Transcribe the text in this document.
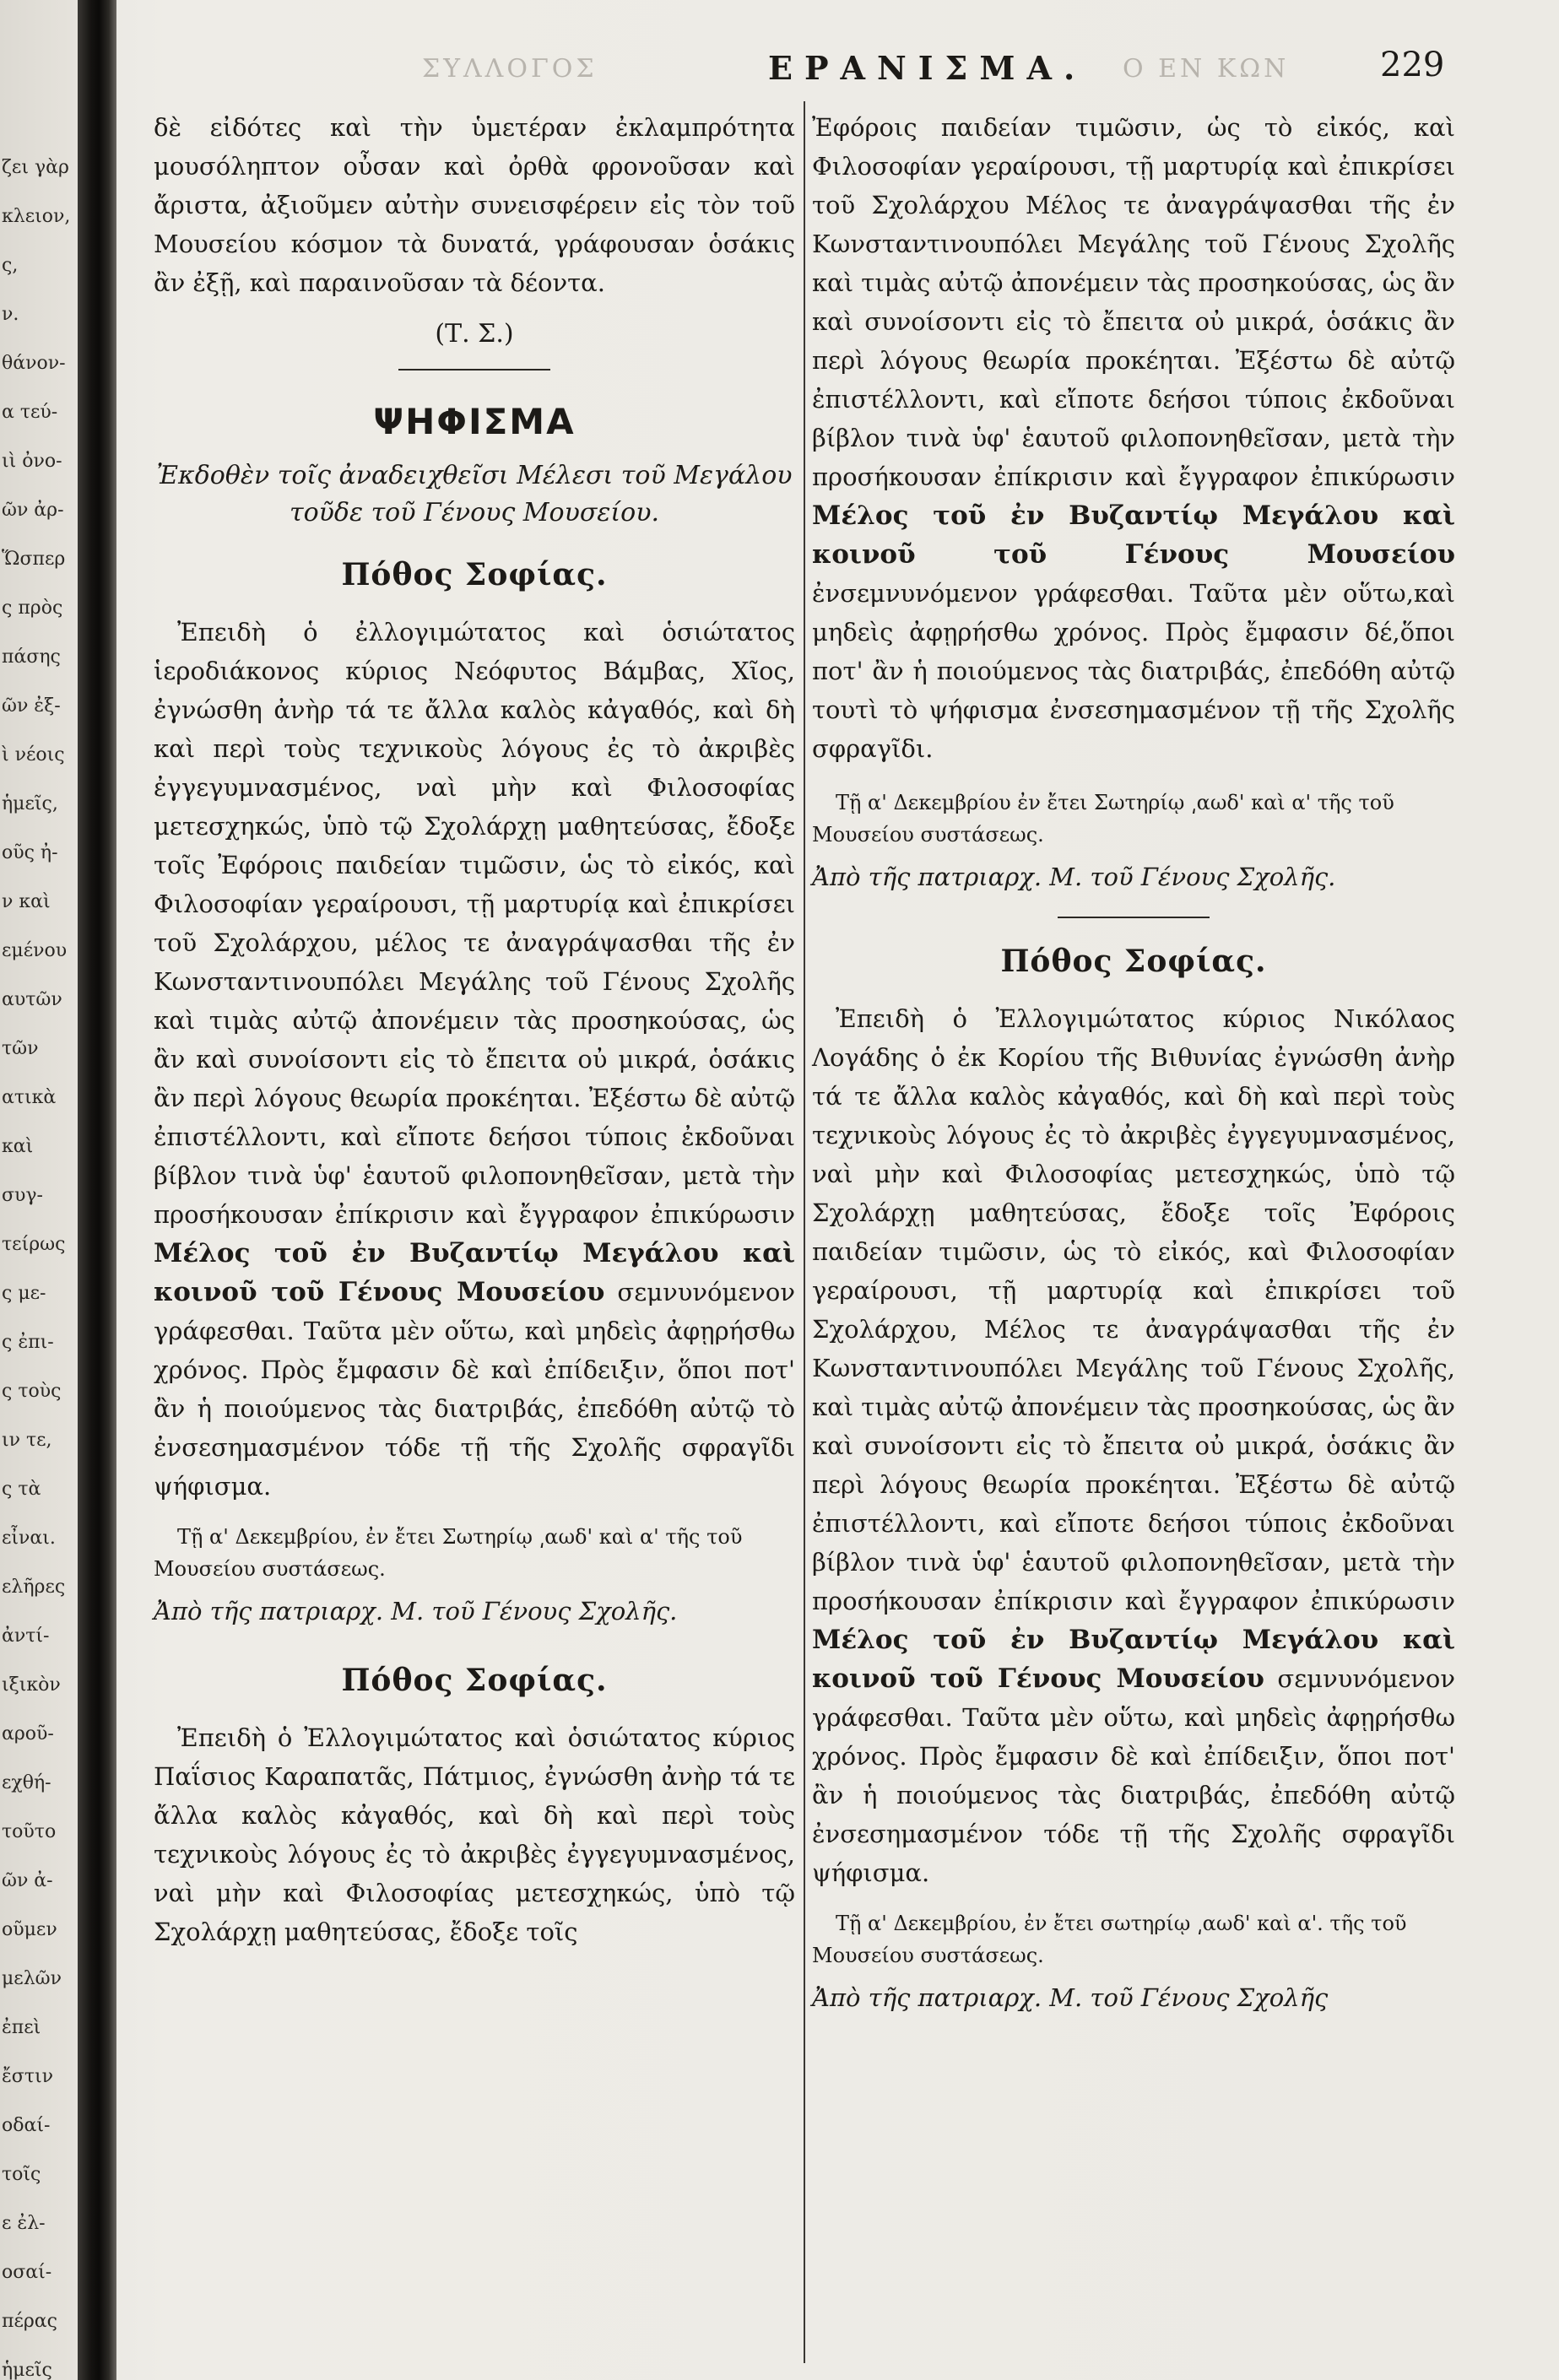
ζει γὰρ
κλειον,
ς,
ν.
θάνον-
α τεύ-
ιὶ ὀνο-
ῶν ἀρ-
Ὥσπερ
ς πρὸς
πάσης
ῶν ἐξ-
ὶ νέοις
ἡμεῖς,
οῦς ἠ-
ν καὶ
εμένου
αυτῶν
τῶν
ατικὰ
καὶ
συγ-
τείρως
ς με-
ς ἐπι-
ς τοὺς
ιν τε,
ς τὰ
εἶναι.
ελῆρες
ἀντί-
ιξικὸν
αροῦ-
εχθή-
τοῦτο
ῶν ἀ-
οῦμεν
μελῶν
ἐπεὶ
ἔστιν
οδαί-
τοῖς
ε ἐλ-
οσαί-
πέρας
ἡμεῖς
ΣΥΛΛΟΓΟΣ	ΕΡΑΝΙΣΜΑ. Ο ΕΝ ΚΩΝ	229

δὲ εἰδότες καὶ τὴν ὑμετέραν ἐκλαμπρότητα μουσόληπτον οὖσαν καὶ ὀρθὰ φρονοῦσαν καὶ ἄριστα, ἀξιοῦμεν αὐτὴν συνεισφέρειν εἰς τὸν τοῦ Μουσείου κόσμον τὰ δυνατά, γράφουσαν ὁσάκις ἂν ἐξῇ, καὶ παραινοῦσαν τὰ δέοντα.

(Τ. Σ.)
ΨΗΦΙΣΜΑ
Ἐκδοθὲν τοῖς ἀναδειχθεῖσι Μέλεσι τοῦ Μεγάλου τοῦδε τοῦ Γένους Μουσείου.
Πόθος Σοφίας.

Ἐπειδὴ ὁ ἐλλογιμώτατος καὶ ὁσιώτατος ἱεροδιάκονος κύριος Νεόφυτος Βάμβας, Χῖος, ἐγνώσθη ἀνὴρ τά τε ἄλλα καλὸς κἀγαθός, καὶ δὴ καὶ περὶ τοὺς τεχνικοὺς λόγους ἐς τὸ ἀκριβὲς ἐγγεγυμνασμένος, ναὶ μὴν καὶ Φιλοσοφίας μετεσχηκώς, ὑπὸ τῷ Σχολάρχῃ μαθητεύσας, ἔδοξε τοῖς Ἐφόροις παιδείαν τιμῶσιν, ὡς τὸ εἰκός, καὶ Φιλοσοφίαν γεραίρουσι, τῇ μαρτυρίᾳ καὶ ἐπικρίσει τοῦ Σχολάρχου, μέλος τε ἀναγράψασθαι τῆς ἐν Κωνσταντινουπόλει Μεγάλης τοῦ Γένους Σχολῆς καὶ τιμὰς αὐτῷ ἀπονέμειν τὰς προσηκούσας, ὡς ἂν καὶ συνοίσοντι εἰς τὸ ἔπειτα οὐ μικρά, ὁσάκις ἂν περὶ λόγους θεωρία προκέηται. Ἐξέστω δὲ αὐτῷ ἐπιστέλλοντι, καὶ εἴποτε δεήσοι τύποις ἐκδοῦναι βίβλον τινὰ ὑφ' ἑαυτοῦ φιλοπονηθεῖσαν, μετὰ τὴν προσήκουσαν ἐπίκρισιν καὶ ἔγγραφον ἐπικύρωσιν Μέλος τοῦ ἐν Βυζαντίῳ Μεγάλου καὶ κοινοῦ τοῦ Γένους Μουσείου σεμνυνόμενον γράφεσθαι. Ταῦτα μὲν οὕτω, καὶ μηδεὶς ἀφῃρήσθω χρόνος. Πρὸς ἔμφασιν δὲ καὶ ἐπίδειξιν, ὅποι ποτ' ἂν ἡ ποιούμενος τὰς διατριβάς, ἐπεδόθη αὐτῷ τὸ ἐνσεσημασμένον τόδε τῇ τῆς Σχολῆς σφραγῖδι ψήφισμα.

Τῇ α' Δεκεμβρίου, ἐν ἔτει Σωτηρίῳ ͵αωδ' καὶ α' τῆς τοῦ Μουσείου συστάσεως.

Ἀπὸ τῆς πατριαρχ. Μ. τοῦ Γένους Σχολῆς.

Πόθος Σοφίας.

Ἐπειδὴ ὁ Ἐλλογιμώτατος καὶ ὁσιώτατος κύριος Παΐσιος Καραπατᾶς, Πάτμιος, ἐγνώσθη ἀνὴρ τά τε ἄλλα καλὸς κἀγαθός, καὶ δὴ καὶ περὶ τοὺς τεχνικοὺς λόγους ἐς τὸ ἀκριβὲς ἐγγεγυμνασμένος, ναὶ μὴν καὶ Φιλοσοφίας μετεσχηκώς, ὑπὸ τῷ Σχολάρχῃ μαθητεύσας, ἔδοξε τοῖς

Ἐφόροις παιδείαν τιμῶσιν, ὡς τὸ εἰκός, καὶ Φιλοσοφίαν γεραίρουσι, τῇ μαρτυρίᾳ καὶ ἐπικρίσει τοῦ Σχολάρχου Μέλος τε ἀναγράψασθαι τῆς ἐν Κωνσταντινουπόλει Μεγάλης τοῦ Γένους Σχολῆς καὶ τιμὰς αὐτῷ ἀπονέμειν τὰς προσηκούσας, ὡς ἂν καὶ συνοίσοντι εἰς τὸ ἔπειτα οὐ μικρά, ὁσάκις ἂν περὶ λόγους θεωρία προκέηται. Ἐξέστω δὲ αὐτῷ ἐπιστέλλοντι, καὶ εἴποτε δεήσοι τύποις ἐκδοῦναι βίβλον τινὰ ὑφ' ἑαυτοῦ φιλοπονηθεῖσαν, μετὰ τὴν προσήκουσαν ἐπίκρισιν καὶ ἔγγραφον ἐπικύρωσιν Μέλος τοῦ ἐν Βυζαντίῳ Μεγάλου καὶ κοινοῦ τοῦ Γένους Μουσείου ἐνσεμνυνόμενον γράφεσθαι. Ταῦτα μὲν οὕτω,καὶ μηδεὶς ἀφῃρήσθω χρόνος. Πρὸς ἔμφασιν δέ,ὅποι ποτ' ἂν ἡ ποιούμενος τὰς διατριβάς, ἐπεδόθη αὐτῷ τουτὶ τὸ ψήφισμα ἐνσεσημασμένον τῇ τῆς Σχολῆς σφραγῖδι.

Τῇ α' Δεκεμβρίου ἐν ἔτει Σωτηρίῳ ͵αωδ' καὶ α' τῆς τοῦ Μουσείου συστάσεως.

Ἀπὸ τῆς πατριαρχ. Μ. τοῦ Γένους Σχολῆς.

Πόθος Σοφίας.

Ἐπειδὴ ὁ Ἐλλογιμώτατος κύριος Νικόλαος Λογάδης ὁ ἐκ Κορίου τῆς Βιθυνίας ἐγνώσθη ἀνὴρ τά τε ἄλλα καλὸς κἀγαθός, καὶ δὴ καὶ περὶ τοὺς τεχνικοὺς λόγους ἐς τὸ ἀκριβὲς ἐγγεγυμνασμένος, ναὶ μὴν καὶ Φιλοσοφίας μετεσχηκώς, ὑπὸ τῷ Σχολάρχῃ μαθητεύσας, ἔδοξε τοῖς Ἐφόροις παιδείαν τιμῶσιν, ὡς τὸ εἰκός, καὶ Φιλοσοφίαν γεραίρουσι, τῇ μαρτυρίᾳ καὶ ἐπικρίσει τοῦ Σχολάρχου, Μέλος τε ἀναγράψασθαι τῆς ἐν Κωνσταντινουπόλει Μεγάλης τοῦ Γένους Σχολῆς, καὶ τιμὰς αὐτῷ ἀπονέμειν τὰς προσηκούσας, ὡς ἂν καὶ συνοίσοντι εἰς τὸ ἔπειτα οὐ μικρά, ὁσάκις ἂν περὶ λόγους θεωρία προκέηται. Ἐξέστω δὲ αὐτῷ ἐπιστέλλοντι, καὶ εἴποτε δεήσοι τύποις ἐκδοῦναι βίβλον τινὰ ὑφ' ἑαυτοῦ φιλοπονηθεῖσαν, μετὰ τὴν προσήκουσαν ἐπίκρισιν καὶ ἔγγραφον ἐπικύρωσιν Μέλος τοῦ ἐν Βυζαντίῳ Μεγάλου καὶ κοινοῦ τοῦ Γένους Μουσείου σεμνυνόμενον γράφεσθαι. Ταῦτα μὲν οὕτω, καὶ μηδεὶς ἀφῃρήσθω χρόνος. Πρὸς ἔμφασιν δὲ καὶ ἐπίδειξιν, ὅποι ποτ' ἂν ἡ ποιούμενος τὰς διατριβάς, ἐπεδόθη αὐτῷ ἐνσεσημασμένον τόδε τῇ τῆς Σχολῆς σφραγῖδι ψήφισμα.

Τῇ α' Δεκεμβρίου, ἐν ἔτει σωτηρίῳ ͵αωδ' καὶ α'. τῆς τοῦ Μουσείου συστάσεως.

Ἀπὸ τῆς πατριαρχ. Μ. τοῦ Γένους Σχολῆς
